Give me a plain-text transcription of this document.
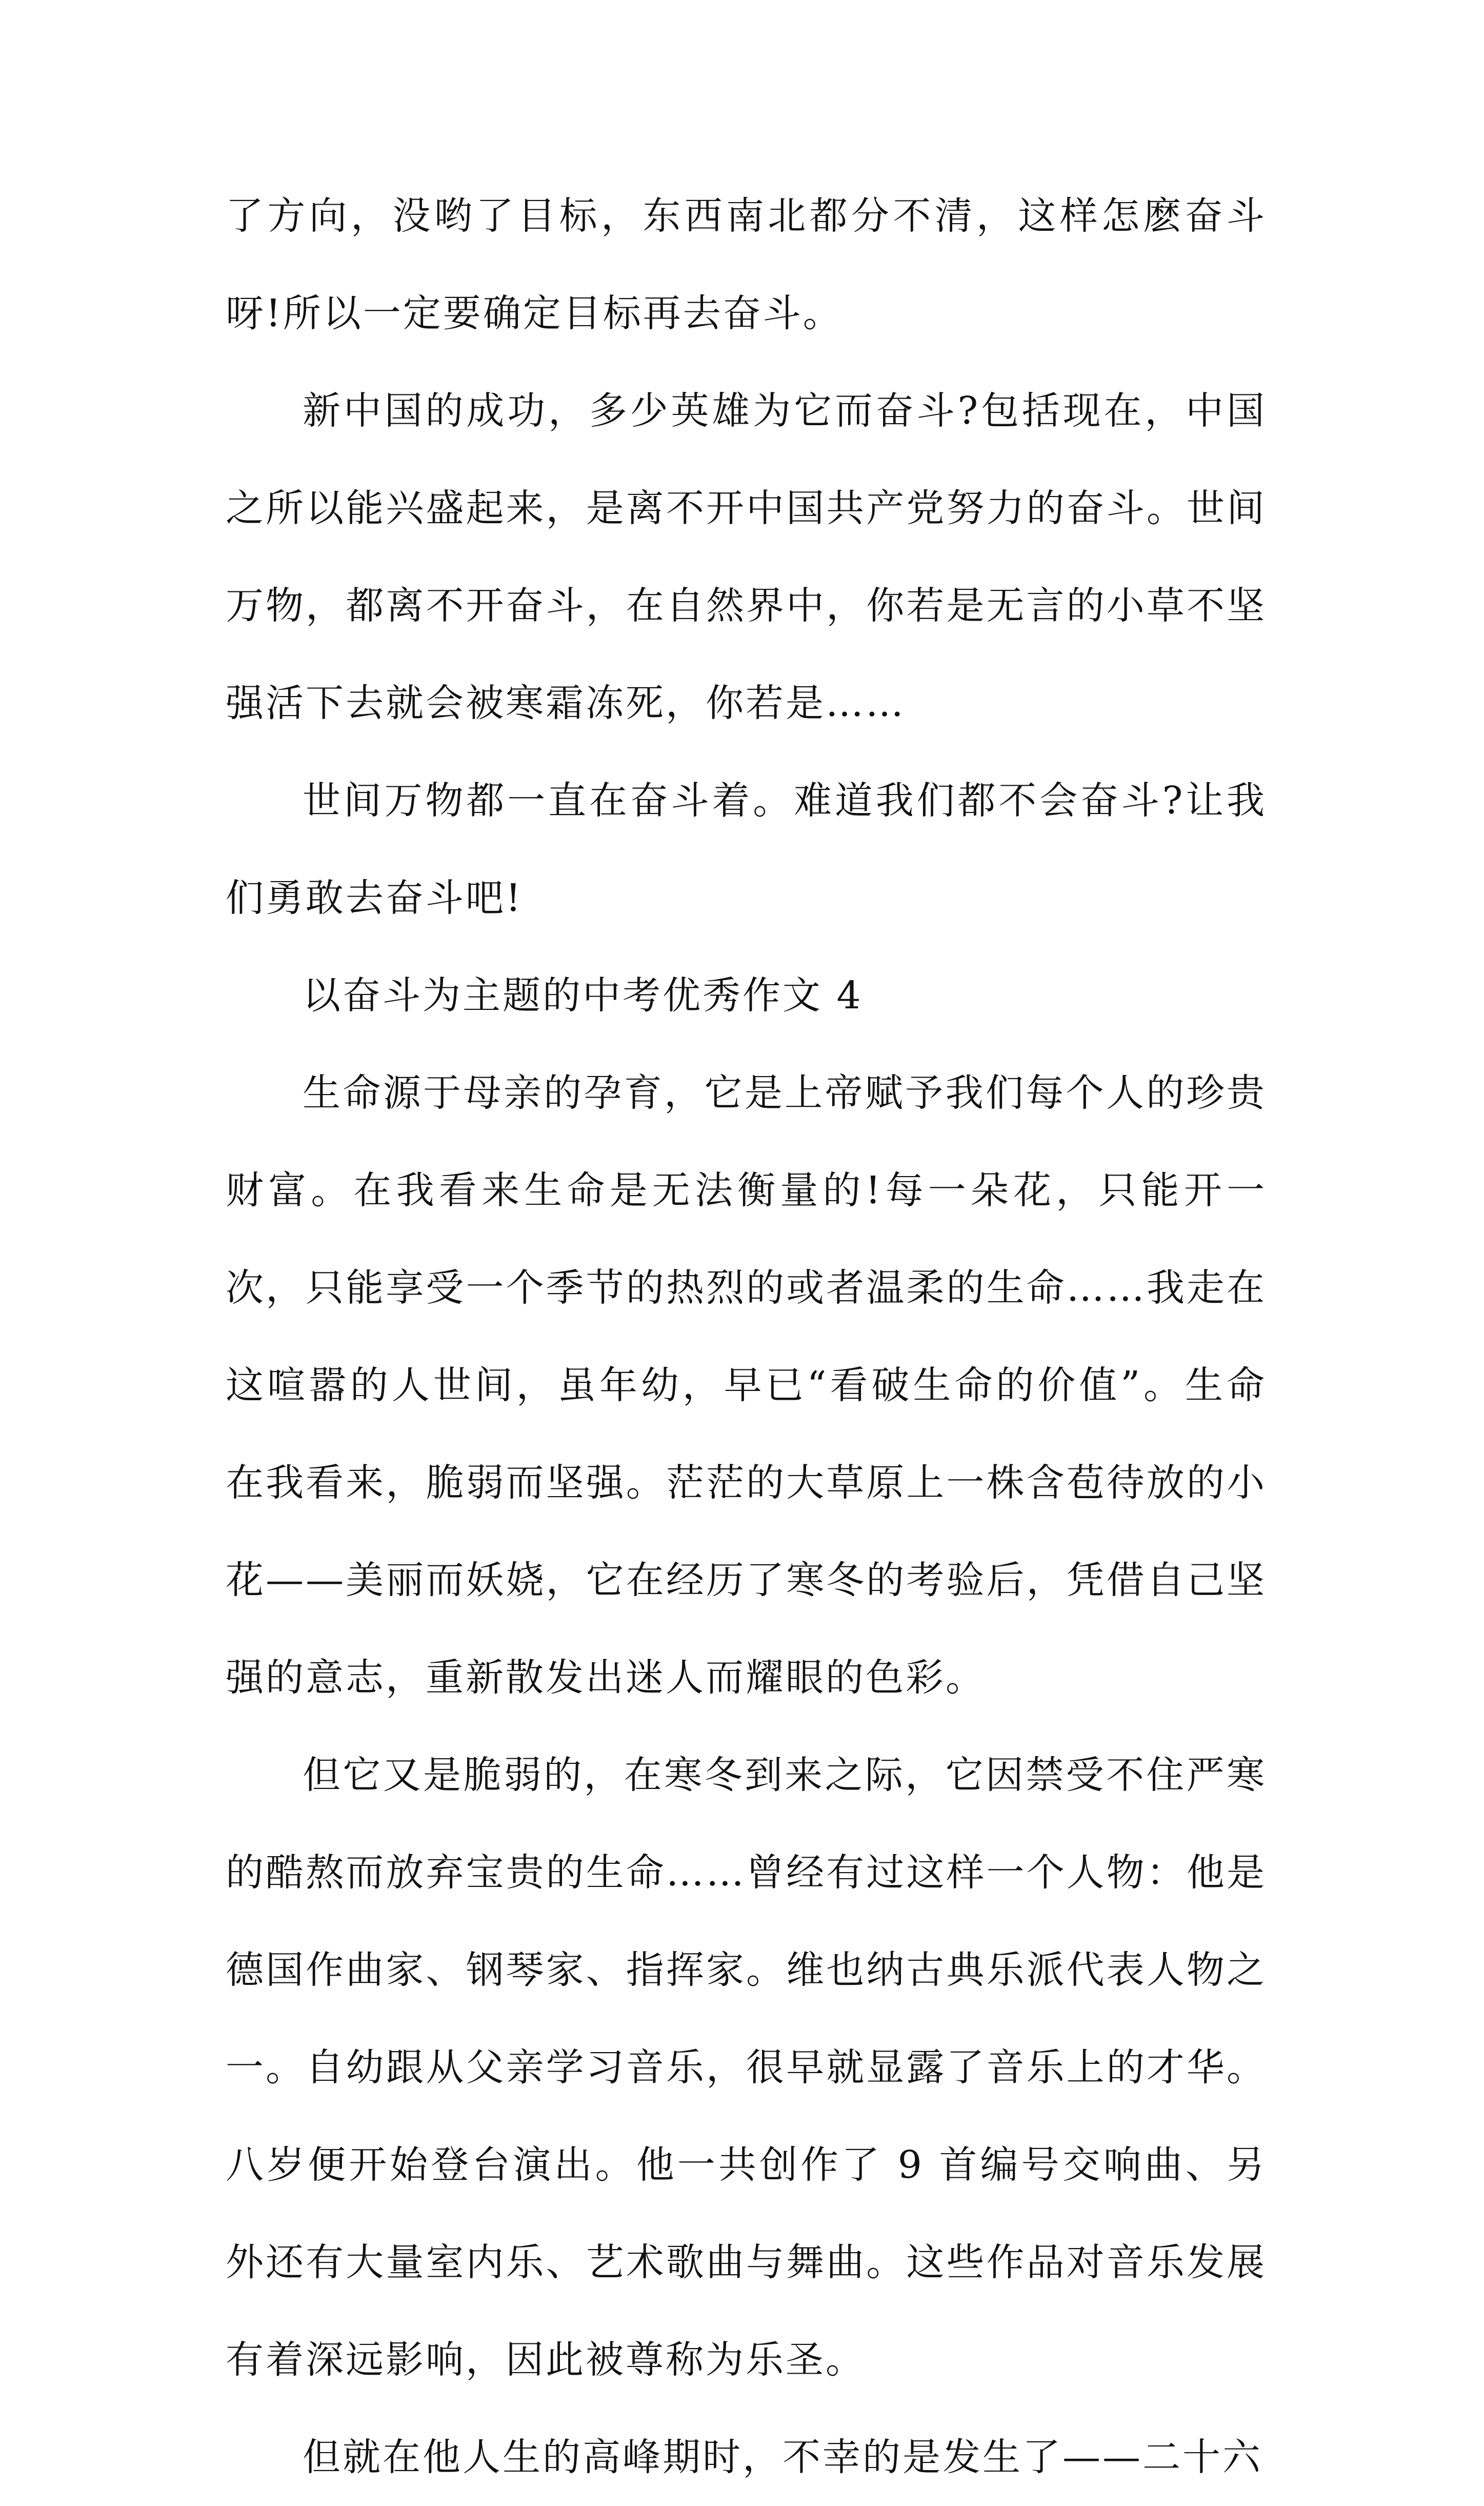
了方向，没哟了目标，东西南北都分不清，这样怎麽奋斗呀!所以一定要确定目标再去奋斗。

新中国的成功，多少英雄为它而奋斗?包括现在，中国之所以能兴盛起来，是离不开中国共产党努力的奋斗。世间万物，都离不开奋斗，在自然界中，你若是无言的小草不坚强活下去就会被寒霜冻死，你若是……

世间万物都一直在奋斗着。难道我们都不会奋斗?让我们勇敢去奋斗吧!

以奋斗为主题的中考优秀作文 4

生命源于母亲的孕育，它是上帝赋予我们每个人的珍贵财富。在我看来生命是无法衡量的!每一朵花，只能开一次，只能享受一个季节的热烈的或者温柔的生命……我走在这喧嚣的人世间，虽年幼，早已“看破生命的价值”。生命在我看来，脆弱而坚强。茫茫的大草原上一株含苞待放的小花——美丽而妖娆，它在经历了寒冬的考验后，凭借自己坚强的意志，重新散发出迷人而耀眼的色彩。

但它又是脆弱的，在寒冬到来之际，它因禁受不住严寒的酷熬而放弃宝贵的生命……曾经有过这样一个人物：他是德国作曲家、钢琴家、指挥家。维也纳古典乐派代表人物之一。自幼跟从父亲学习音乐，很早就显露了音乐上的才华。八岁便开始登台演出。他一共创作了 9 首编号交响曲、另外还有大量室内乐、艺术歌曲与舞曲。这些作品对音乐发展有着深远影响，因此被尊称为乐圣。

但就在他人生的高峰期时，不幸的是发生了——二十六
